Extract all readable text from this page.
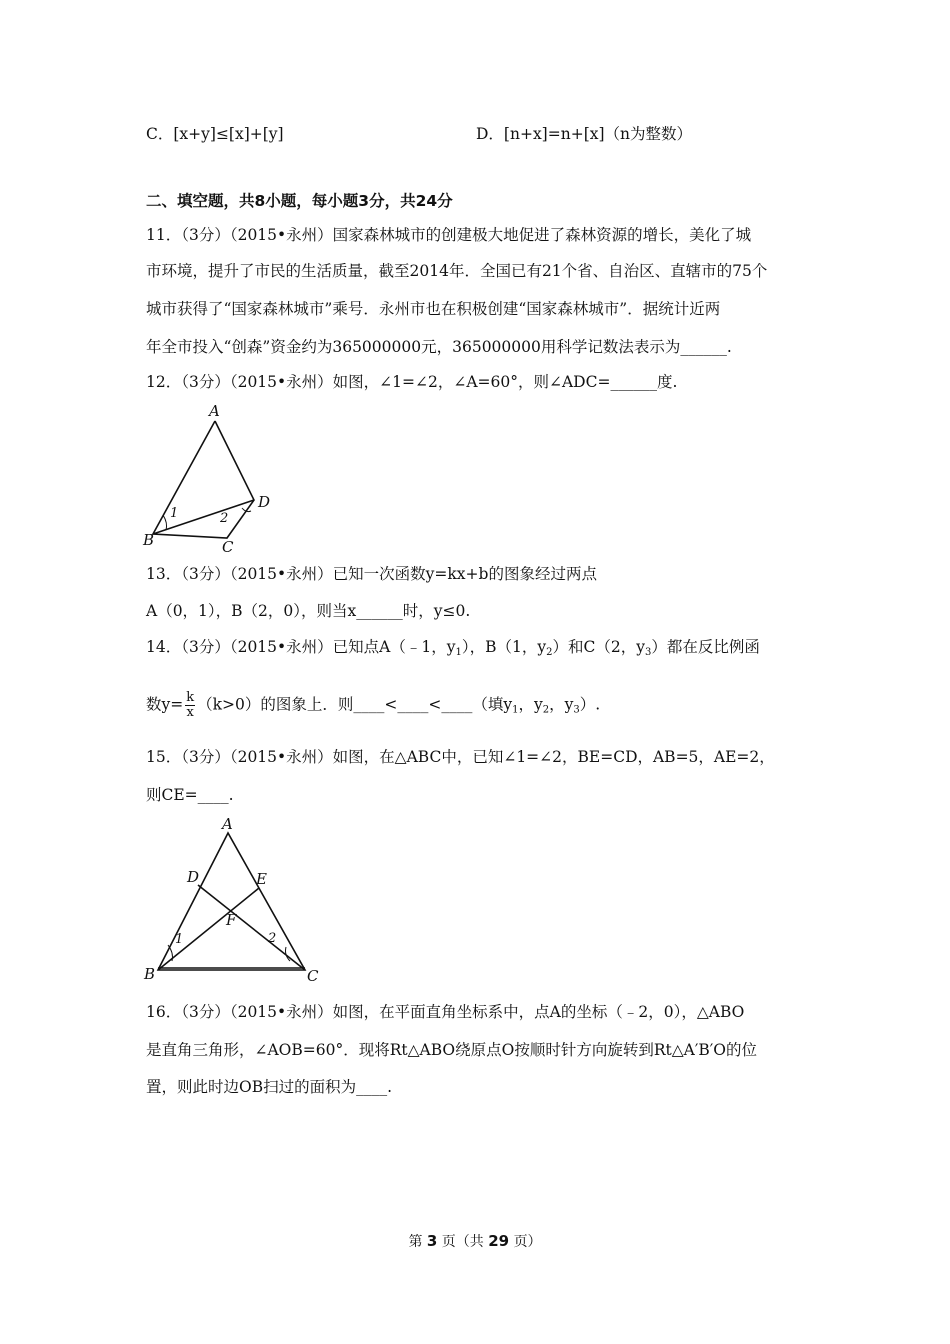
C．[x+y]≤[x]+[y]	D．[n+x]=n+[x]（n为整数）
二、填空题，共8小题，每小题3分，共24分
11．（3分）（2015•永州）国家森林城市的创建极大地促进了森林资源的增长，美化了城
市环境，提升了市民的生活质量，截至2014年．全国已有21个省、自治区、直辖市的75个
城市获得了“国家森林城市”乘号．永州市也在积极创建“国家森林城市”．据统计近两
年全市投入“创森”资金约为365000000元，365000000用科学记数法表示为______.
12．（3分）（2015•永州）如图，∠1=∠2，∠A=60°，则∠ADC=______度.
A
B	C
D
1	2
13．（3分）（2015•永州）已知一次函数y=kx+b的图象经过两点
A（0，1），B（2，0），则当x______时，y≤0.
14．（3分）（2015•永州）已知点A（﹣1，$y_1$），B（1，$y_2$）和C（2，$y_3$）都在反比例函
数$y= \frac{k}{x} (k>0)$的图象上．则____<____<____（填$y_1$，$y_2$，$y_3$）.
15．（3分）（2015•永州）如图，在△ABC中，已知∠1=∠2，BE=CD，AB=5，AE=2，
则CE=____.
A
B	C
D	E
F
1	2
16．（3分）（2015•永州）如图，在平面直角坐标系中，点A的坐标（﹣2，0），△ABO
是直角三角形，∠AOB=60°．现将Rt△ABO绕原点O按顺时针方向旋转到Rt△A′B′O的位
置，则此时边OB扫过的面积为____.
第 3 页（共 29 页）
